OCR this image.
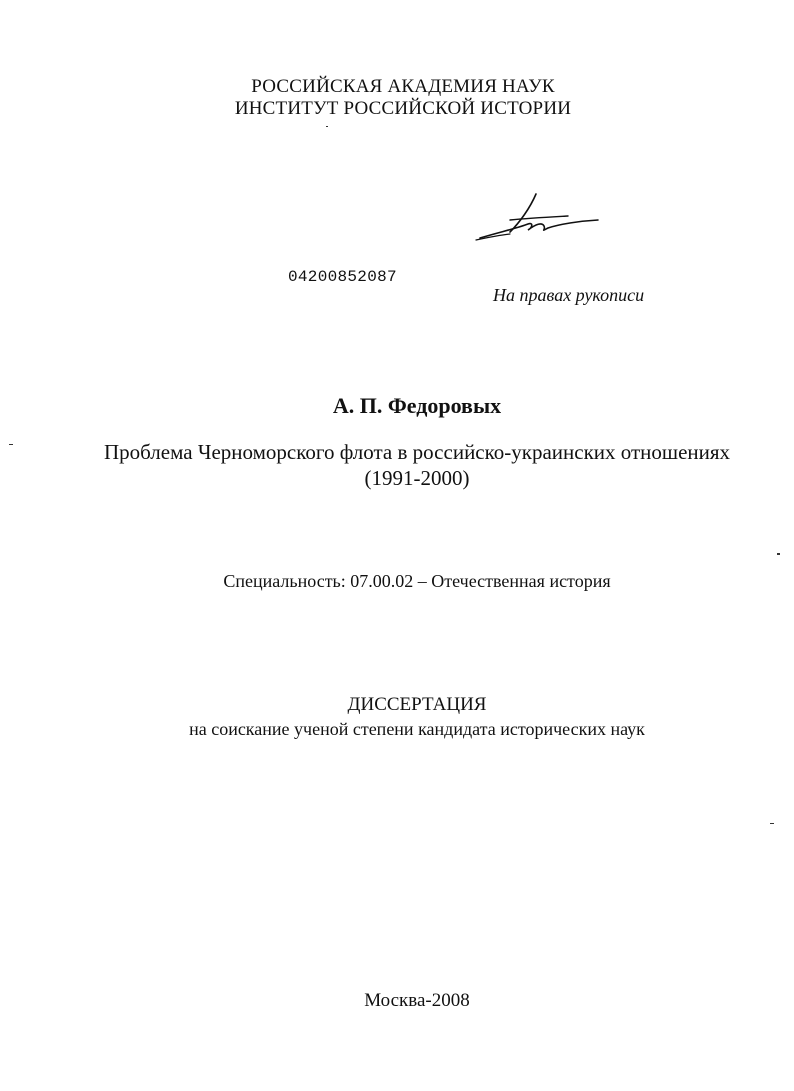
РОССИЙСКАЯ АКАДЕМИЯ НАУК
ИНСТИТУТ РОССИЙСКОЙ ИСТОРИИ
04200852087
На правах рукописи
А. П. Федоровых
Проблема Черноморского флота в российско-украинских отношениях
(1991-2000)
Специальность: 07.00.02 – Отечественная история
ДИССЕРТАЦИЯ
на соискание ученой степени кандидата исторических наук
Москва-2008
